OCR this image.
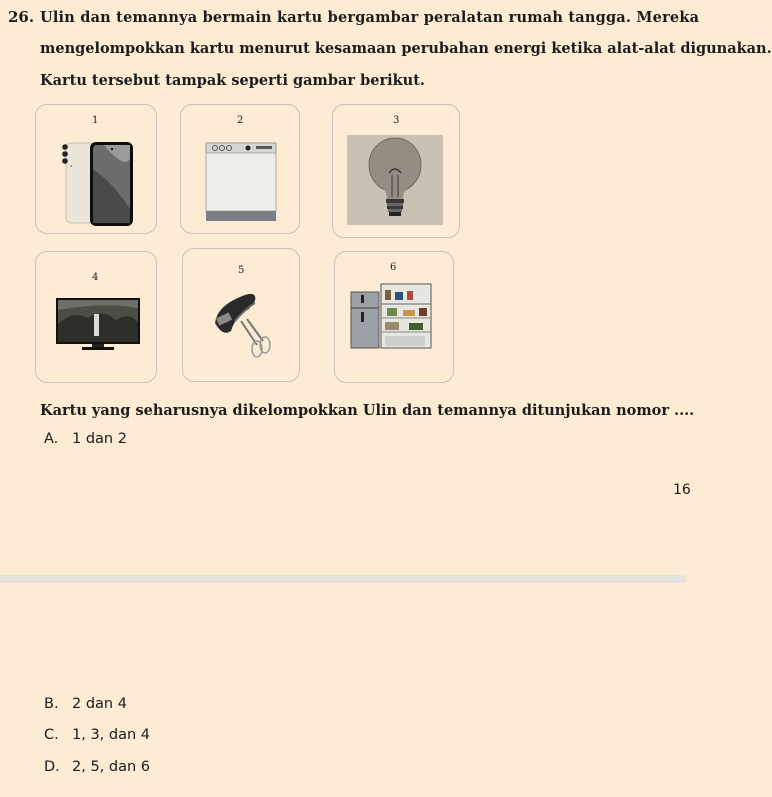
26. Ulin dan temannya bermain kartu bergambar peralatan rumah tangga. Mereka
mengelompokkan kartu menurut kesamaan perubahan energi ketika alat-alat digunakan.
Kartu tersebut tampak seperti gambar berikut.
1	2	3
4
5	6
Kartu yang seharusnya dikelompokkan Ulin dan temannya ditunjukan nomor ....
A. 1 dan 2
16
B. 2 dan 4
C. 1, 3, dan 4
D. 2, 5, dan 6
